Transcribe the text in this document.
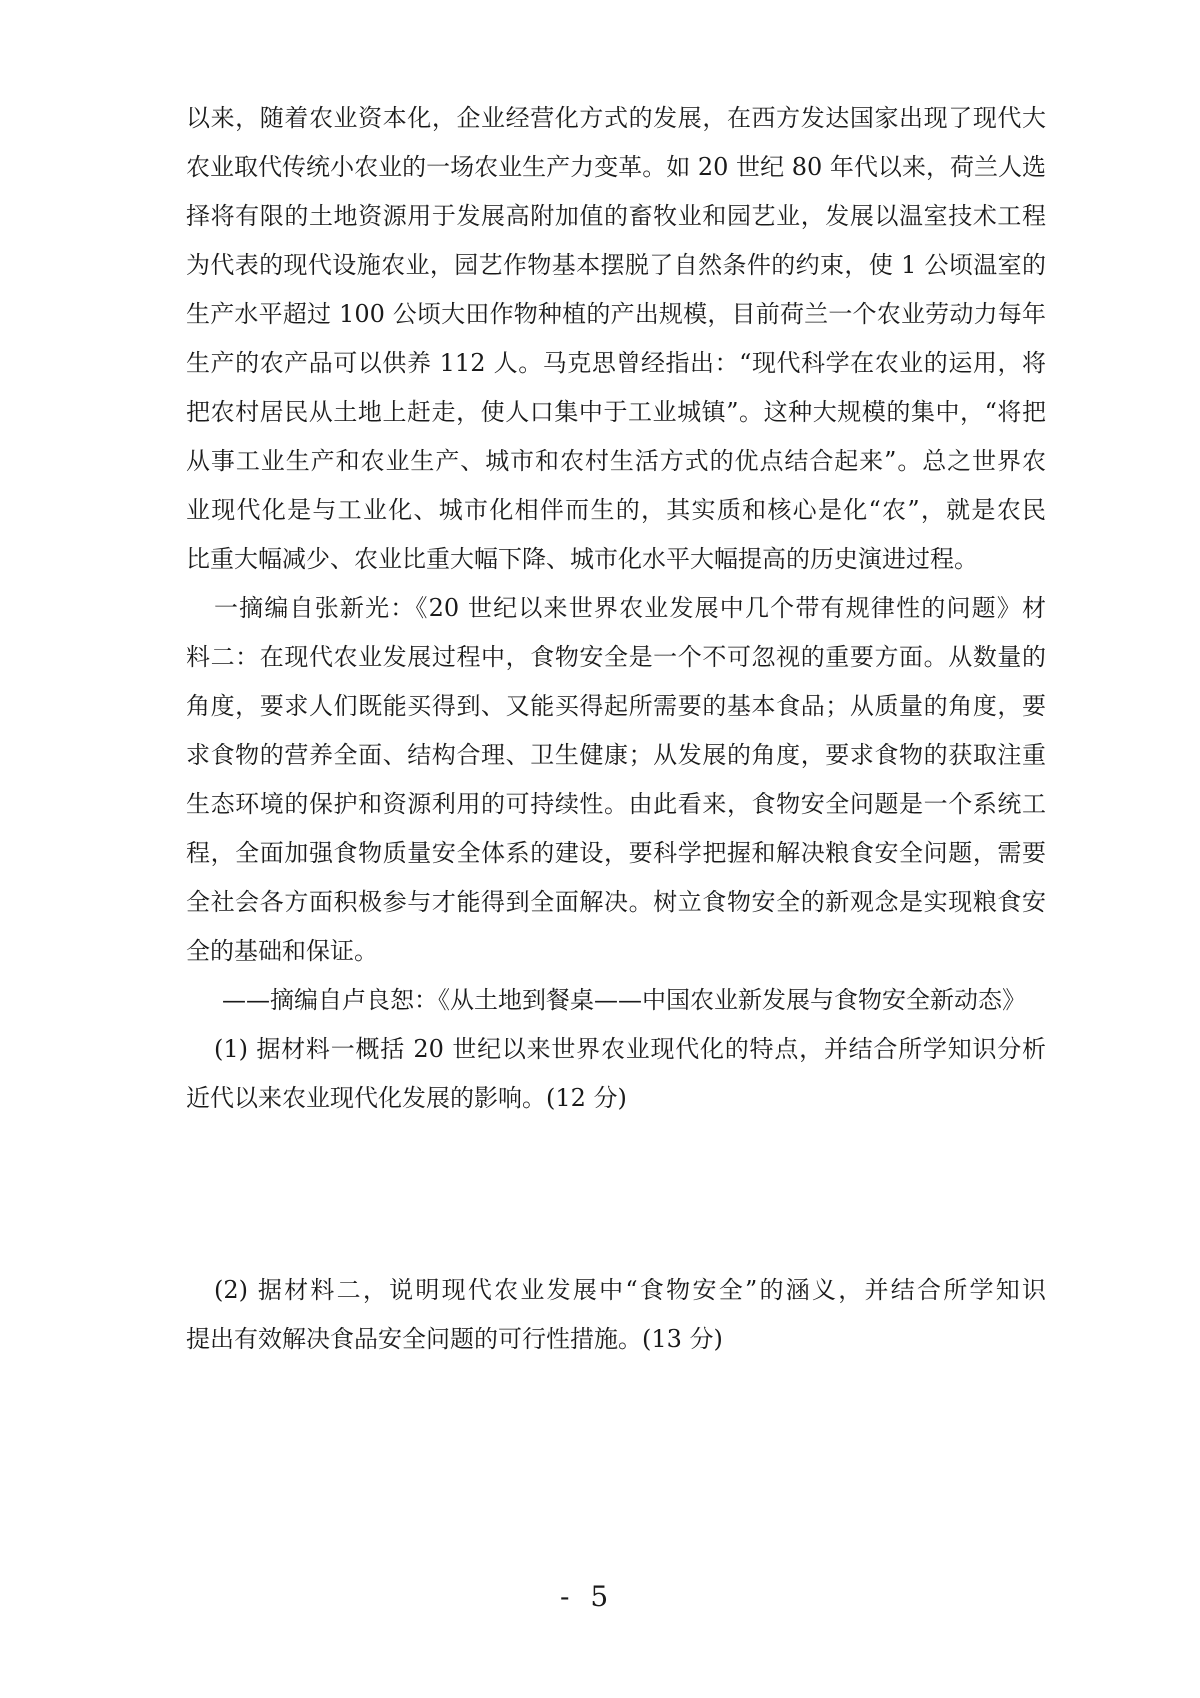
以来，随着农业资本化，企业经营化方式的发展，在西方发达国家出现了现代大
农业取代传统小农业的一场农业生产力变革。如 20 世纪 80 年代以来，荷兰人选
择将有限的土地资源用于发展高附加值的畜牧业和园艺业，发展以温室技术工程
为代表的现代设施农业，园艺作物基本摆脱了自然条件的约束，使 1 公顷温室的
生产水平超过 100 公顷大田作物种植的产出规模，目前荷兰一个农业劳动力每年
生产的农产品可以供养 112 人。马克思曾经指出：“现代科学在农业的运用，将
把农村居民从土地上赶走，使人口集中于工业城镇”。这种大规模的集中，“将把
从事工业生产和农业生产、城市和农村生活方式的优点结合起来”。总之世界农
业现代化是与工业化、城市化相伴而生的，其实质和核心是化“农”，就是农民
比重大幅减少、农业比重大幅下降、城市化水平大幅提高的历史演进过程。
一摘编自张新光：《20 世纪以来世界农业发展中几个带有规律性的问题》材
料二：在现代农业发展过程中，食物安全是一个不可忽视的重要方面。从数量的
角度，要求人们既能买得到、又能买得起所需要的基本食品；从质量的角度，要
求食物的营养全面、结构合理、卫生健康；从发展的角度，要求食物的获取注重
生态环境的保护和资源利用的可持续性。由此看来，食物安全问题是一个系统工
程，全面加强食物质量安全体系的建设，要科学把握和解决粮食安全问题，需要
全社会各方面积极参与才能得到全面解决。树立食物安全的新观念是实现粮食安
全的基础和保证。
——摘编自卢良恕：《从土地到餐桌——中国农业新发展与食物安全新动态》
(1) 据材料一概括 20 世纪以来世界农业现代化的特点，并结合所学知识分析
近代以来农业现代化发展的影响。(12 分)
(2) 据材料二，说明现代农业发展中“食物安全”的涵义，并结合所学知识
提出有效解决食品安全问题的可行性措施。(13 分)
- 5
